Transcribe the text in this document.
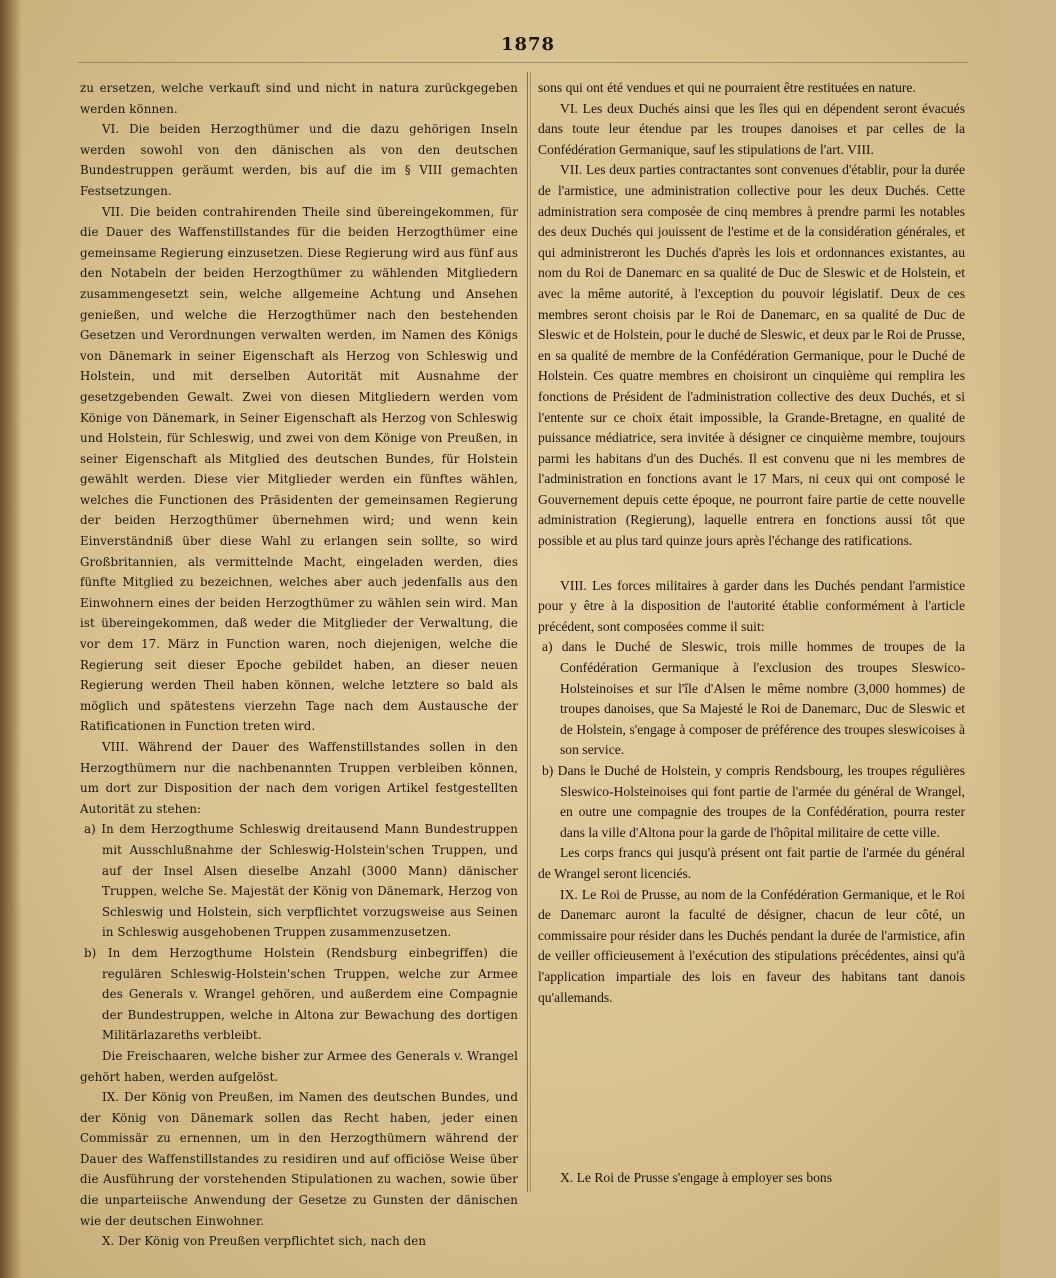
1878

zu ersetzen, welche verkauft sind und nicht in natura zurückgegeben werden können.

VI. Die beiden Herzogthümer und die dazu gehörigen Inseln werden sowohl von den dänischen als von den deutschen Bundestruppen geräumt werden, bis auf die im § VIII gemachten Festsetzungen.

VII. Die beiden contrahirenden Theile sind übereingekommen, für die Dauer des Waffenstillstandes für die beiden Herzogthümer eine gemeinsame Regierung einzusetzen. Diese Regierung wird aus fünf aus den Notabeln der beiden Herzogthümer zu wählenden Mitgliedern zusammengesetzt sein, welche allgemeine Achtung und Ansehen genießen, und welche die Herzogthümer nach den bestehenden Gesetzen und Verordnungen verwalten werden, im Namen des Königs von Dänemark in seiner Eigenschaft als Herzog von Schleswig und Holstein, und mit derselben Autorität mit Ausnahme der gesetzgebenden Gewalt. Zwei von diesen Mitgliedern werden vom Könige von Dänemark, in Seiner Eigenschaft als Herzog von Schleswig und Holstein, für Schleswig, und zwei von dem Könige von Preußen, in seiner Eigenschaft als Mitglied des deutschen Bundes, für Holstein gewählt werden. Diese vier Mitglieder werden ein fünftes wählen, welches die Functionen des Präsidenten der gemeinsamen Regierung der beiden Herzogthümer übernehmen wird; und wenn kein Einverständniß über diese Wahl zu erlangen sein sollte, so wird Großbritannien, als vermittelnde Macht, eingeladen werden, dies fünfte Mitglied zu bezeichnen, welches aber auch jedenfalls aus den Einwohnern eines der beiden Herzogthümer zu wählen sein wird. Man ist übereingekommen, daß weder die Mitglieder der Verwaltung, die vor dem 17. März in Function waren, noch diejenigen, welche die Regierung seit dieser Epoche gebildet haben, an dieser neuen Regierung werden Theil haben können, welche letztere so bald als möglich und spätestens vierzehn Tage nach dem Austausche der Ratificationen in Function treten wird.

VIII. Während der Dauer des Waffenstillstandes sollen in den Herzogthümern nur die nachbenannten Truppen verbleiben können, um dort zur Disposition der nach dem vorigen Artikel festgestellten Autorität zu stehen:

a) In dem Herzogthume Schleswig dreitausend Mann Bundestruppen mit Ausschlußnahme der Schleswig-Holstein'schen Truppen, und auf der Insel Alsen dieselbe Anzahl (3000 Mann) dänischer Truppen, welche Se. Majestät der König von Dänemark, Herzog von Schleswig und Holstein, sich verpflichtet vorzugsweise aus Seinen in Schleswig ausgehobenen Truppen zusammenzusetzen.

b) In dem Herzogthume Holstein (Rendsburg einbegriffen) die regulären Schleswig-Holstein'schen Truppen, welche zur Armee des Generals v. Wrangel gehören, und außerdem eine Compagnie der Bundestruppen, welche in Altona zur Bewachung des dortigen Militärlazareths verbleibt.

Die Freischaaren, welche bisher zur Armee des Generals v. Wrangel gehört haben, werden aufgelöst.

IX. Der König von Preußen, im Namen des deutschen Bundes, und der König von Dänemark sollen das Recht haben, jeder einen Commissär zu ernennen, um in den Herzogthümern während der Dauer des Waffenstillstandes zu residiren und auf officiöse Weise über die Ausführung der vorstehenden Stipulationen zu wachen, sowie über die unparteiische Anwendung der Gesetze zu Gunsten der dänischen wie der deutschen Einwohner.

X. Der König von Preußen verpflichtet sich, nach den

sons qui ont été vendues et qui ne pourraient être restituées en nature.

VI. Les deux Duchés ainsi que les îles qui en dépendent seront évacués dans toute leur étendue par les troupes danoises et par celles de la Confédération Germanique, sauf les stipulations de l'art. VIII.

VII. Les deux parties contractantes sont convenues d'établir, pour la durée de l'armistice, une administration collective pour les deux Duchés. Cette administration sera composée de cinq membres à prendre parmi les notables des deux Duchés qui jouissent de l'estime et de la considération générales, et qui administreront les Duchés d'après les lois et ordonnances existantes, au nom du Roi de Danemarc en sa qualité de Duc de Sleswic et de Holstein, et avec la même autorité, à l'exception du pouvoir législatif. Deux de ces membres seront choisis par le Roi de Danemarc, en sa qualité de Duc de Sleswic et de Holstein, pour le duché de Sleswic, et deux par le Roi de Prusse, en sa qualité de membre de la Confédération Germanique, pour le Duché de Holstein. Ces quatre membres en choisiront un cinquième qui remplira les fonctions de Président de l'administration collective des deux Duchés, et si l'entente sur ce choix était impossible, la Grande-Bretagne, en qualité de puissance médiatrice, sera invitée à désigner ce cinquième membre, toujours parmi les habitans d'un des Duchés. Il est convenu que ni les membres de l'administration en fonctions avant le 17 Mars, ni ceux qui ont composé le Gouvernement depuis cette époque, ne pourront faire partie de cette nouvelle administration (Regierung), laquelle entrera en fonctions aussi tôt que possible et au plus tard quinze jours après l'échange des ratifications.

VIII. Les forces militaires à garder dans les Duchés pendant l'armistice pour y être à la disposition de l'autorité établie conformément à l'article précédent, sont composées comme il suit:

a) dans le Duché de Sleswic, trois mille hommes de troupes de la Confédération Germanique à l'exclusion des troupes Sleswico-Holsteinoises et sur l'île d'Alsen le même nombre (3,000 hommes) de troupes danoises, que Sa Majesté le Roi de Danemarc, Duc de Sleswic et de Holstein, s'engage à composer de préférence des troupes sleswicoises à son service.

b) Dans le Duché de Holstein, y compris Rendsbourg, les troupes régulières Sleswico-Holsteinoises qui font partie de l'armée du général de Wrangel, en outre une compagnie des troupes de la Confédération, pourra rester dans la ville d'Altona pour la garde de l'hôpital militaire de cette ville.

Les corps francs qui jusqu'à présent ont fait partie de l'armée du général de Wrangel seront licenciés.

IX. Le Roi de Prusse, au nom de la Confédération Germanique, et le Roi de Danemarc auront la faculté de désigner, chacun de leur côté, un commissaire pour résider dans les Duchés pendant la durée de l'armistice, afin de veiller officieusement à l'exécution des stipulations précédentes, ainsi qu'à l'application impartiale des lois en faveur des habitans tant danois qu'allemands.

X. Le Roi de Prusse s'engage à employer ses bons
